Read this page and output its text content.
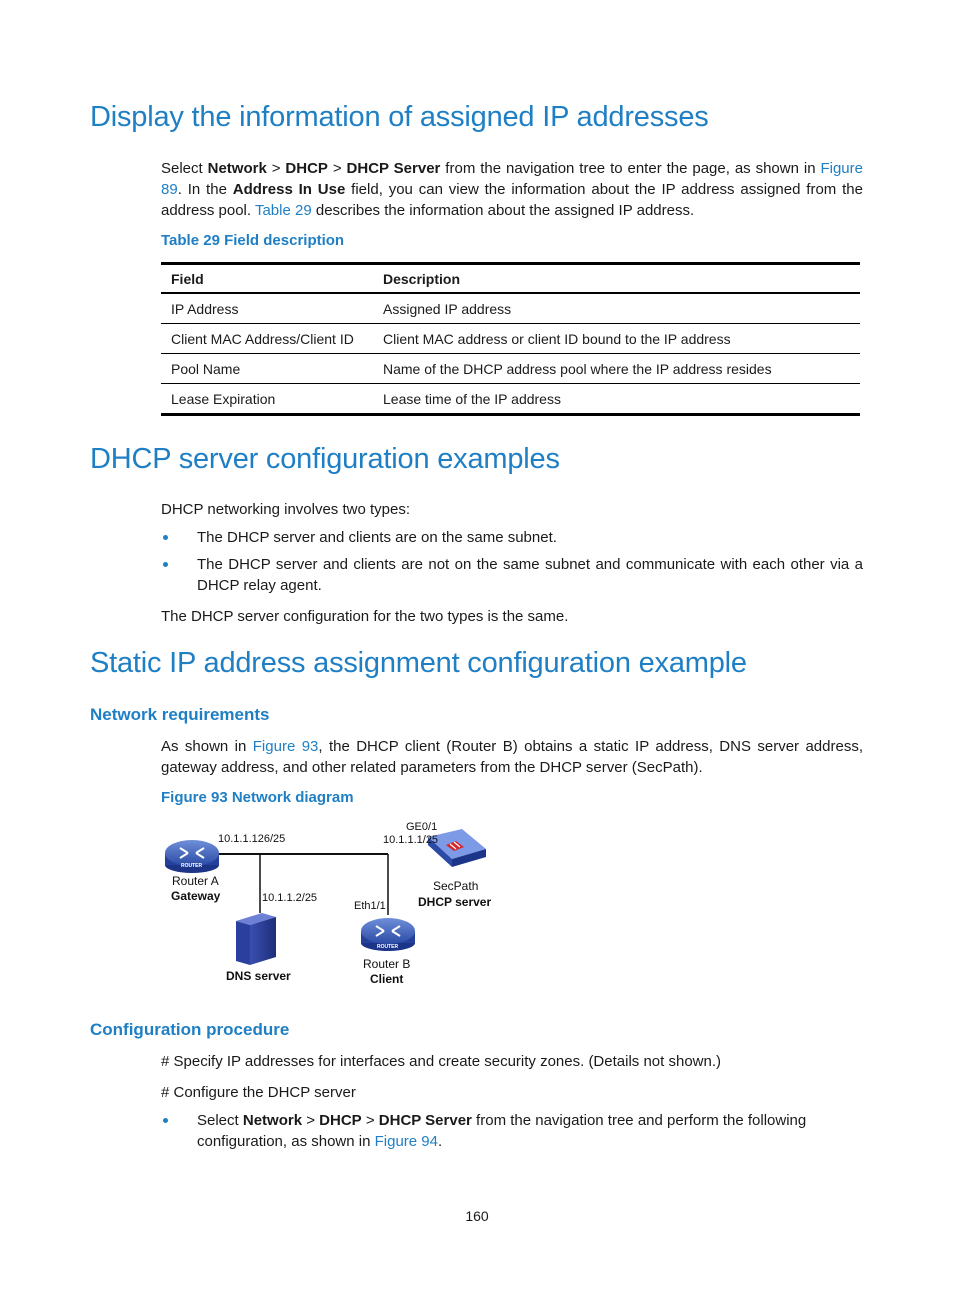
Display the information of assigned IP addresses
Select Network > DHCP > DHCP Server from the navigation tree to enter the page, as shown in Figure 89. In the Address In Use field, you can view the information about the IP address assigned from the address pool. Table 29 describes the information about the assigned IP address.
Table 29 Field description
Field	Description
IP Address	Assigned IP address
Client MAC Address/Client ID	Client MAC address or client ID bound to the IP address
Pool Name	Name of the DHCP address pool where the IP address resides
Lease Expiration	Lease time of the IP address
DHCP server configuration examples
DHCP networking involves two types:
The DHCP server and clients are on the same subnet.
The DHCP server and clients are not on the same subnet and communicate with each other via a DHCP relay agent.
The DHCP server configuration for the two types is the same.
Static IP address assignment configuration example
Network requirements
As shown in Figure 93, the DHCP client (Router B) obtains a static IP address, DNS server address, gateway address, and other related parameters from the DHCP server (SecPath).
Figure 93 Network diagram
ROUTER
ROUTER
10.1.1.126/25
Router A
Gateway	10.1.1.2/25
DNS server
GE0/1
10.1.1.1/25
SecPath
DHCP server
Eth1/1
Router B
Client
Configuration procedure
# Specify IP addresses for interfaces and create security zones. (Details not shown.)
# Configure the DHCP server
Select Network > DHCP > DHCP Server from the navigation tree and perform the following configuration, as shown in Figure 94.
160
